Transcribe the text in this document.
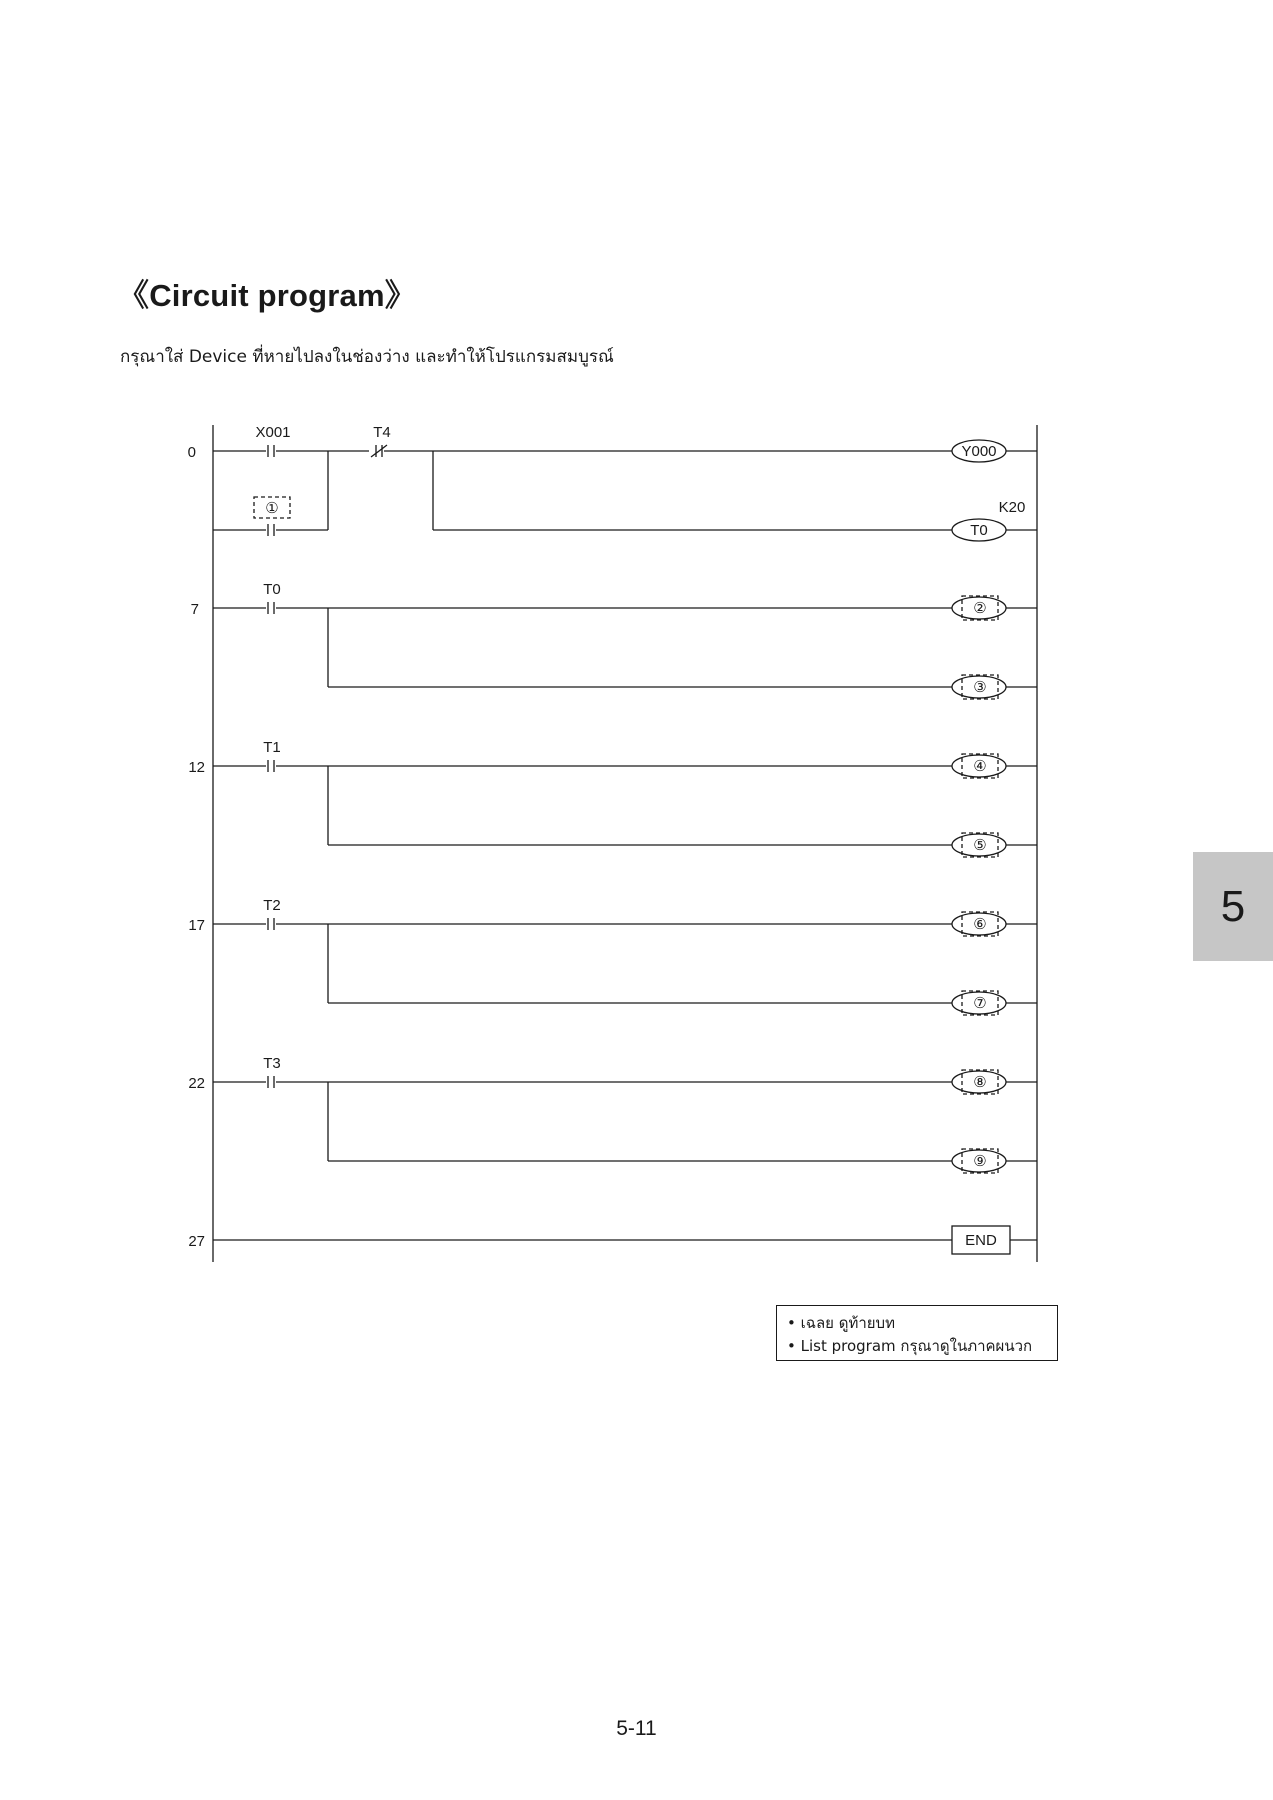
《Circuit program》
กรุณาใส่ Device ที่หายไปลงในช่องว่าง และทำให้โปรแกรมสมบูรณ์
0
7
12
17
22
27
X001	T4
①
T0
T1
T2
T3
Y000
T0
K20
②
③
④
⑤
⑥
⑦
⑧
⑨
END
• เฉลย ดูท้ายบท
• List program กรุณาดูในภาคผนวก
5
5-11
